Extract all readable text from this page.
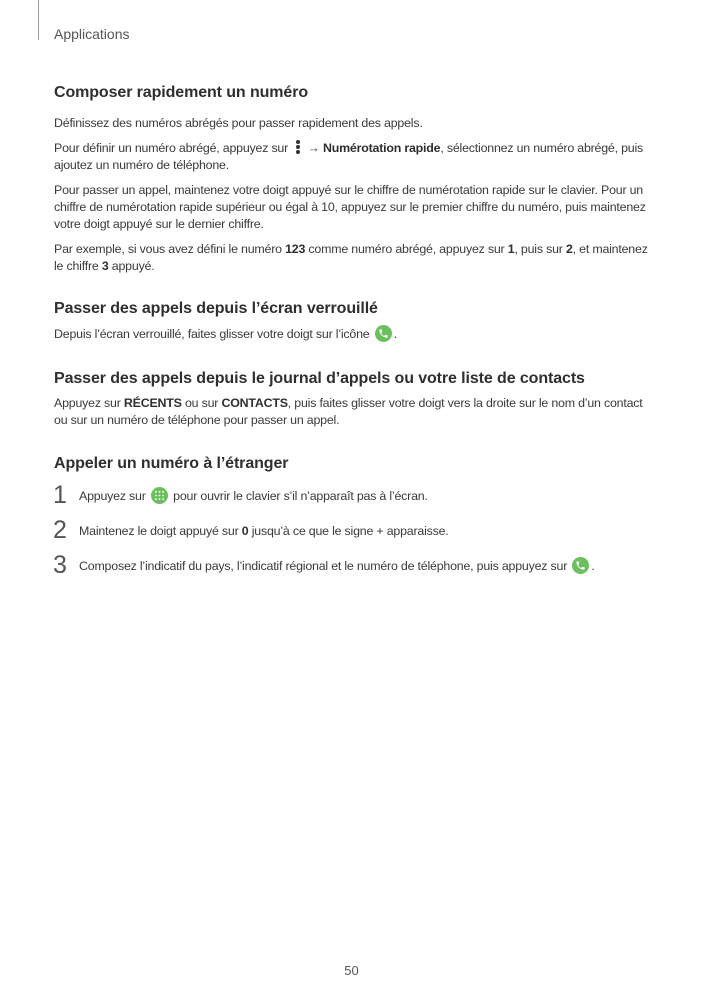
Applications
Composer rapidement un numéro

Définissez des numéros abrégés pour passer rapidement des appels.

Pour définir un numéro abrégé, appuyez sur
→ Numérotation rapide, sélectionnez un numéro abrégé, puis ajoutez un numéro de téléphone.

Pour passer un appel, maintenez votre doigt appuyé sur le chiffre de numérotation rapide sur le clavier. Pour un chiffre de numérotation rapide supérieur ou égal à 10, appuyez sur le premier chiffre du numéro, puis maintenez votre doigt appuyé sur le dernier chiffre.

Par exemple, si vous avez défini le numéro 123 comme numéro abrégé, appuyez sur 1, puis sur 2, et maintenez le chiffre 3 appuyé.

Passer des appels depuis l’écran verrouillé

Depuis l’écran verrouillé, faites glisser votre doigt sur l’icône
.

Passer des appels depuis le journal d’appels ou votre liste de contacts

Appuyez sur RÉCENTS ou sur CONTACTS, puis faites glisser votre doigt vers la droite sur le nom d’un contact ou sur un numéro de téléphone pour passer un appel.

Appeler un numéro à l’étranger
1 Appuyez sur
pour ouvrir le clavier s’il n’apparaît pas à l’écran.

2 Maintenez le doigt appuyé sur 0 jusqu’à ce que le signe + apparaisse.

3 Composez l’indicatif du pays, l’indicatif régional et le numéro de téléphone, puis appuyez sur
.

50
